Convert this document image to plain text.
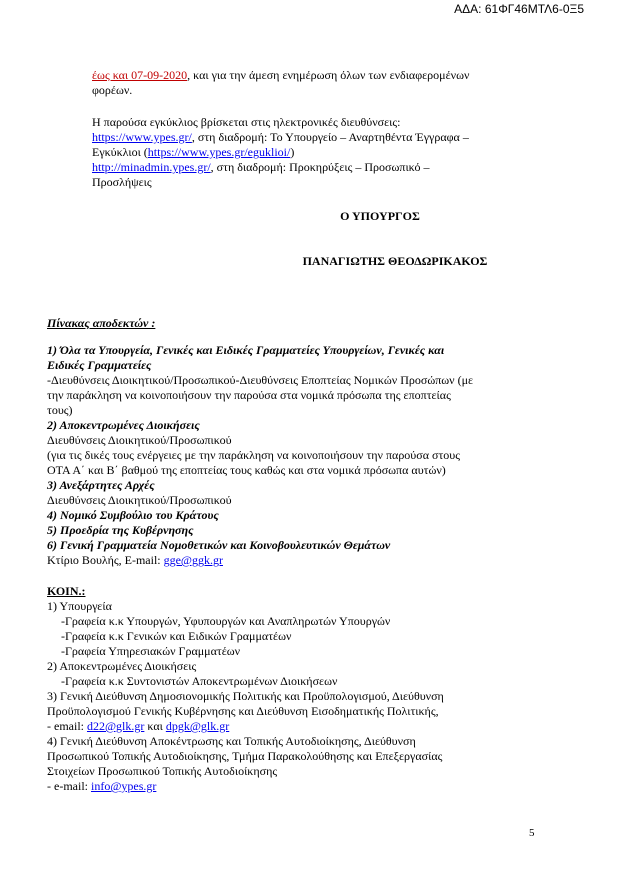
ΑΔΑ: 61ΦΓ46ΜΤΛ6-0Ξ5
έως και 07-09-2020, και για την άμεση ενημέρωση όλων των ενδιαφερομένων
φορέων.
Η παρούσα εγκύκλιος βρίσκεται στις ηλεκτρονικές διευθύνσεις:
https://www.ypes.gr/, στη διαδρομή: Το Υπουργείο – Αναρτηθέντα Έγγραφα –
Εγκύκλιοι (https://www.ypes.gr/egukliοi/)
http://minadmin.ypes.gr/, στη διαδρομή: Προκηρύξεις – Προσωπικό –
Προσλήψεις
Ο ΥΠΟΥΡΓΟΣ
ΠΑΝΑΓΙΩΤΗΣ ΘΕΟΔΩΡΙΚΑΚΟΣ
Πίνακας αποδεκτών :
1) Όλα τα Υπουργεία, Γενικές και Ειδικές Γραμματείες Υπουργείων, Γενικές και
Ειδικές Γραμματείες
-Διευθύνσεις Διοικητικού/Προσωπικού-Διευθύνσεις Εποπτείας Νομικών Προσώπων (με
την παράκληση να κοινοποιήσουν την παρούσα στα νομικά πρόσωπα της εποπτείας
τους)
2) Αποκεντρωμένες Διοικήσεις
Διευθύνσεις Διοικητικού/Προσωπικού
(για τις δικές τους ενέργειες με την παράκληση να κοινοποιήσουν την παρούσα στους
ΟΤΑ Α΄ και Β΄ βαθμού της εποπτείας τους καθώς και στα νομικά πρόσωπα αυτών)
3) Ανεξάρτητες Αρχές
Διευθύνσεις Διοικητικού/Προσωπικού
4) Νομικό Συμβούλιο του Κράτους
5) Προεδρία της Κυβέρνησης
6) Γενική Γραμματεία Νομοθετικών και Κοινοβουλευτικών Θεμάτων
Κτίριο Βουλής, E-mail: gge@ggk.gr
ΚΟΙΝ.:
1) Υπουργεία
-Γραφεία κ.κ Υπουργών, Υφυπουργών και Αναπληρωτών Υπουργών
-Γραφεία κ.κ Γενικών και Ειδικών Γραμματέων
-Γραφεία Υπηρεσιακών Γραμματέων
2) Αποκεντρωμένες Διοικήσεις
-Γραφεία κ.κ Συντονιστών Αποκεντρωμένων Διοικήσεων
3) Γενική Διεύθυνση Δημοσιονομικής Πολιτικής και Προϋπολογισμού, Διεύθυνση
Προϋπολογισμού Γενικής Κυβέρνησης και Διεύθυνση Εισοδηματικής Πολιτικής,
- email: d22@glk.gr και dpgk@glk.gr
4) Γενική Διεύθυνση Αποκέντρωσης και Τοπικής Αυτοδιοίκησης, Διεύθυνση
Προσωπικού Τοπικής Αυτοδιοίκησης, Τμήμα Παρακολούθησης και Επεξεργασίας
Στοιχείων Προσωπικού Τοπικής Αυτοδιοίκησης
- e-mail: info@ypes.gr
5
